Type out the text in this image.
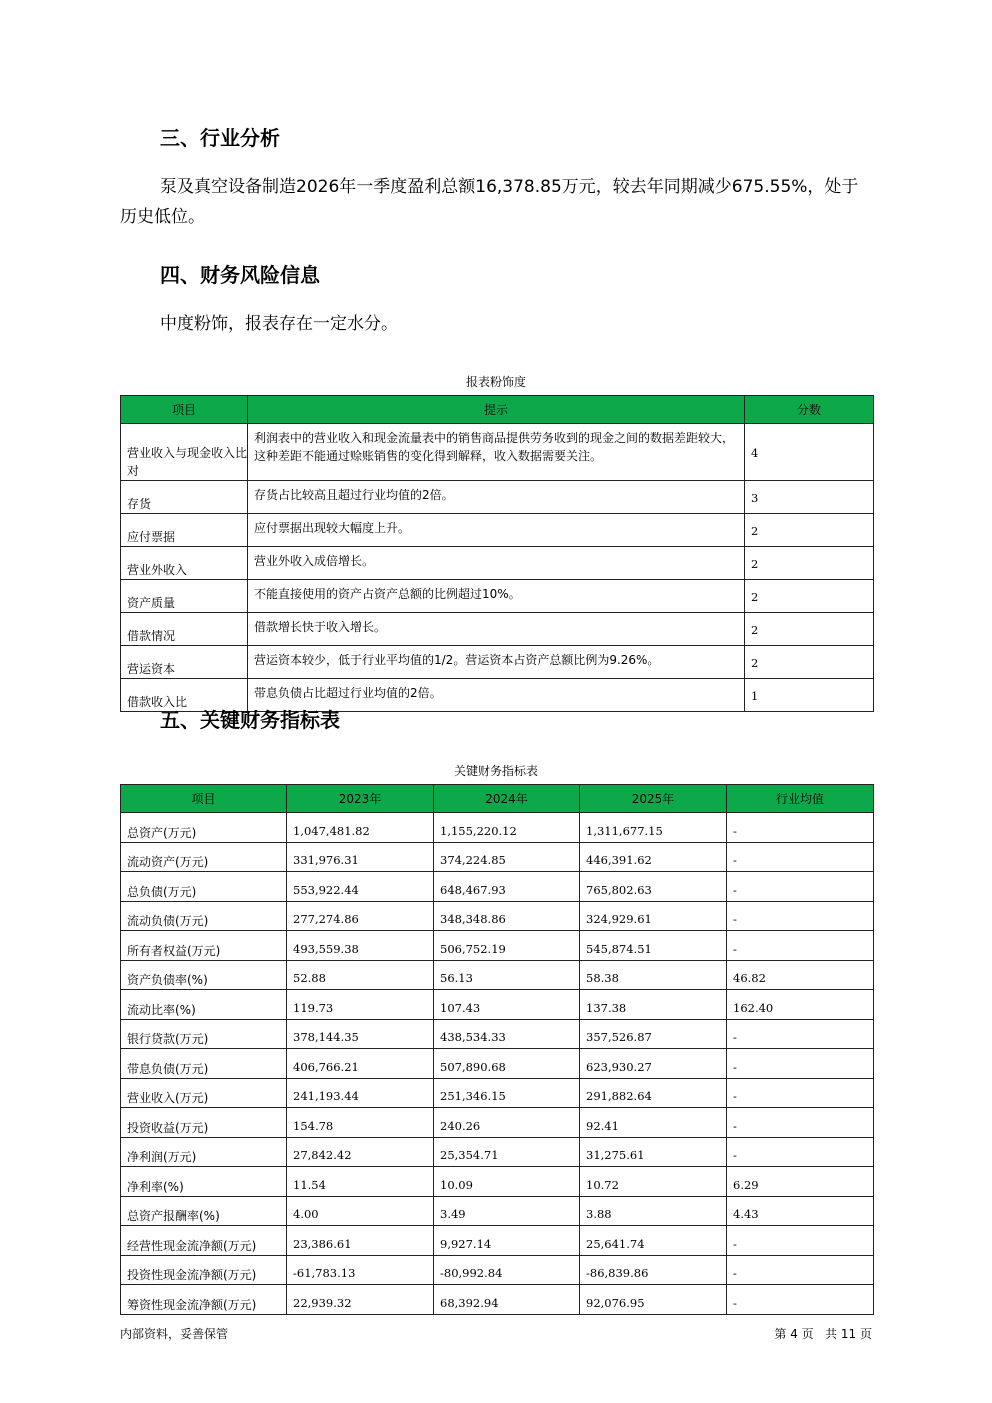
三、行业分析

泵及真空设备制造2026年一季度盈利总额16,378.85万元，较去年同期减少675.55%，处于历史低位。

四、财务风险信息

中度粉饰，报表存在一定水分。

报表粉饰度
项目	提示	分数
营业收入与现金收入比对	利润表中的营业收入和现金流量表中的销售商品提供劳务收到的现金之间的数据差距较大，这种差距不能通过赊账销售的变化得到解释，收入数据需要关注。	4
存货	存货占比较高且超过行业均值的2倍。	3
应付票据	应付票据出现较大幅度上升。	2
营业外收入	营业外收入成倍增长。	2
资产质量	不能直接使用的资产占资产总额的比例超过10%。	2
借款情况	借款增长快于收入增长。	2
营运资本	营运资本较少，低于行业平均值的1/2。营运资本占资产总额比例为9.26%。	2
借款收入比	带息负债占比超过行业均值的2倍。	1
五、关键财务指标表
关键财务指标表
项目	2023年	2024年	2025年	行业均值
总资产(万元)	1,047,481.82	1,155,220.12	1,311,677.15	-
流动资产(万元)	331,976.31	374,224.85	446,391.62	-
总负债(万元)	553,922.44	648,467.93	765,802.63	-
流动负债(万元)	277,274.86	348,348.86	324,929.61	-
所有者权益(万元)	493,559.38	506,752.19	545,874.51	-
资产负债率(%)	52.88	56.13	58.38	46.82
流动比率(%)	119.73	107.43	137.38	162.40
银行贷款(万元)	378,144.35	438,534.33	357,526.87	-
带息负债(万元)	406,766.21	507,890.68	623,930.27	-
营业收入(万元)	241,193.44	251,346.15	291,882.64	-
投资收益(万元)	154.78	240.26	92.41	-
净利润(万元)	27,842.42	25,354.71	31,275.61	-
净利率(%)	11.54	10.09	10.72	6.29
总资产报酬率(%)	4.00	3.49	3.88	4.43
经营性现金流净额(万元)	23,386.61	9,927.14	25,641.74	-
投资性现金流净额(万元)	-61,783.13	-80,992.84	-86,839.86	-
筹资性现金流净额(万元)	22,939.32	68,392.94	92,076.95	-
内部资料，妥善保管	第 4 页   共 11 页
